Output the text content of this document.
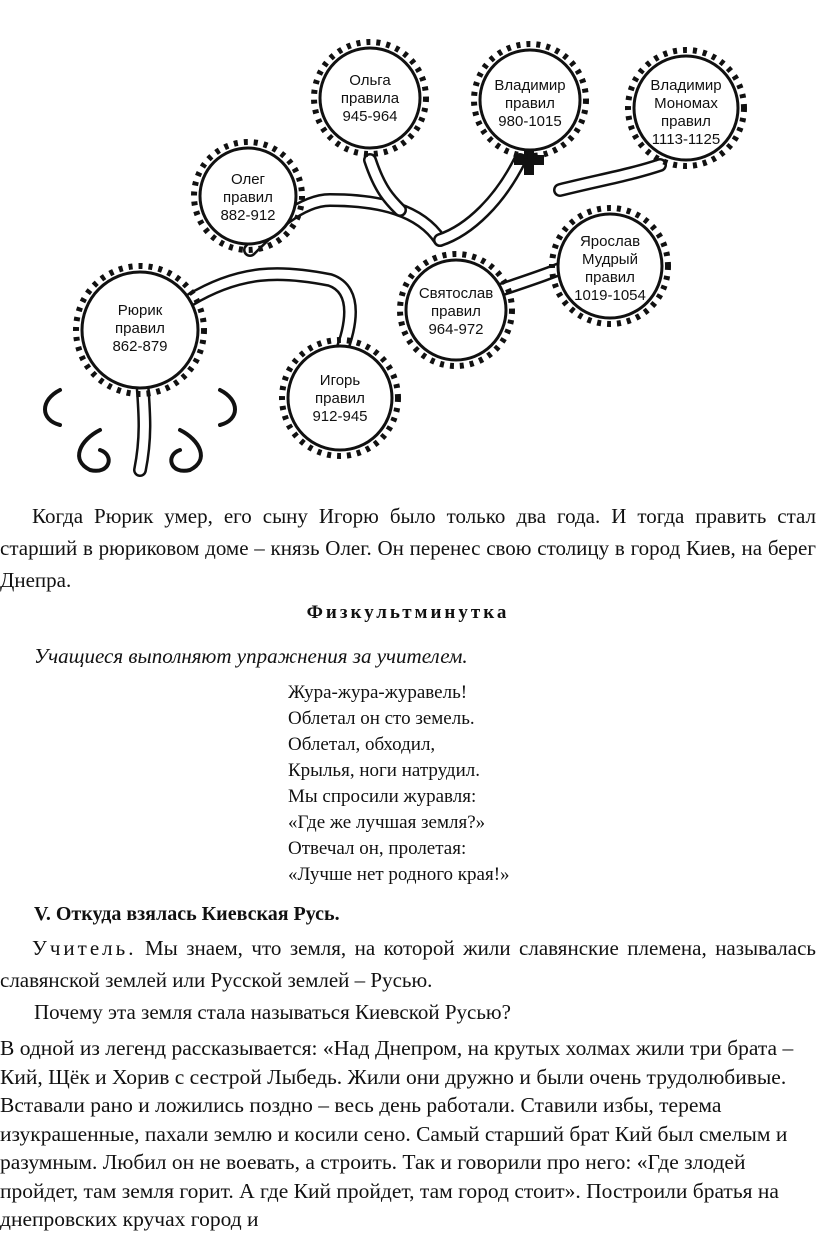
Рюрик
правил
862-879
Олег
правил
882-912
Ольга
правила
945-964
Игорь
правил
912-945
Святослав
правил
964-972
Владимир
правил
980-1015
Ярослав
Мудрый
правил
1019-1054
Владимир
Мономах
правил
1113-1125

Когда Рюрик умер, его сыну Игорю было только два года. И тогда править стал старший в рюриковом доме – князь Олег. Он перенес свою столицу в город Киев, на берег Днепра.

Физкультминутка

Учащиеся выполняют упражнения за учителем.

Жура-жура-журавель!
Облетал он сто земель.
Облетал, обходил,
Крылья, ноги натрудил.
Мы спросили журавля:
«Где же лучшая земля?»
Отвечал он, пролетая:
«Лучше нет родного края!»

V. Откуда взялась Киевская Русь.

Учитель. Мы знаем, что земля, на которой жили славянские племена, называлась славянской землей или Русской землей – Русью.

Почему эта земля стала называться Киевской Русью?

В одной из легенд рассказывается: «Над Днепром, на крутых холмах жили три брата – Кий, Щёк и Хорив с сестрой Лыбедь. Жили они дружно и были очень трудолюбивые. Вставали рано и ложились поздно – весь день работали. Ставили избы, терема изукрашенные, пахали землю и косили сено. Самый старший брат Кий был смелым и разумным. Любил он не воевать, а строить. Так и говорили про него: «Где злодей пройдет, там земля горит. А где Кий пройдет, там город стоит». Построили братья на днепровских кручах город и
